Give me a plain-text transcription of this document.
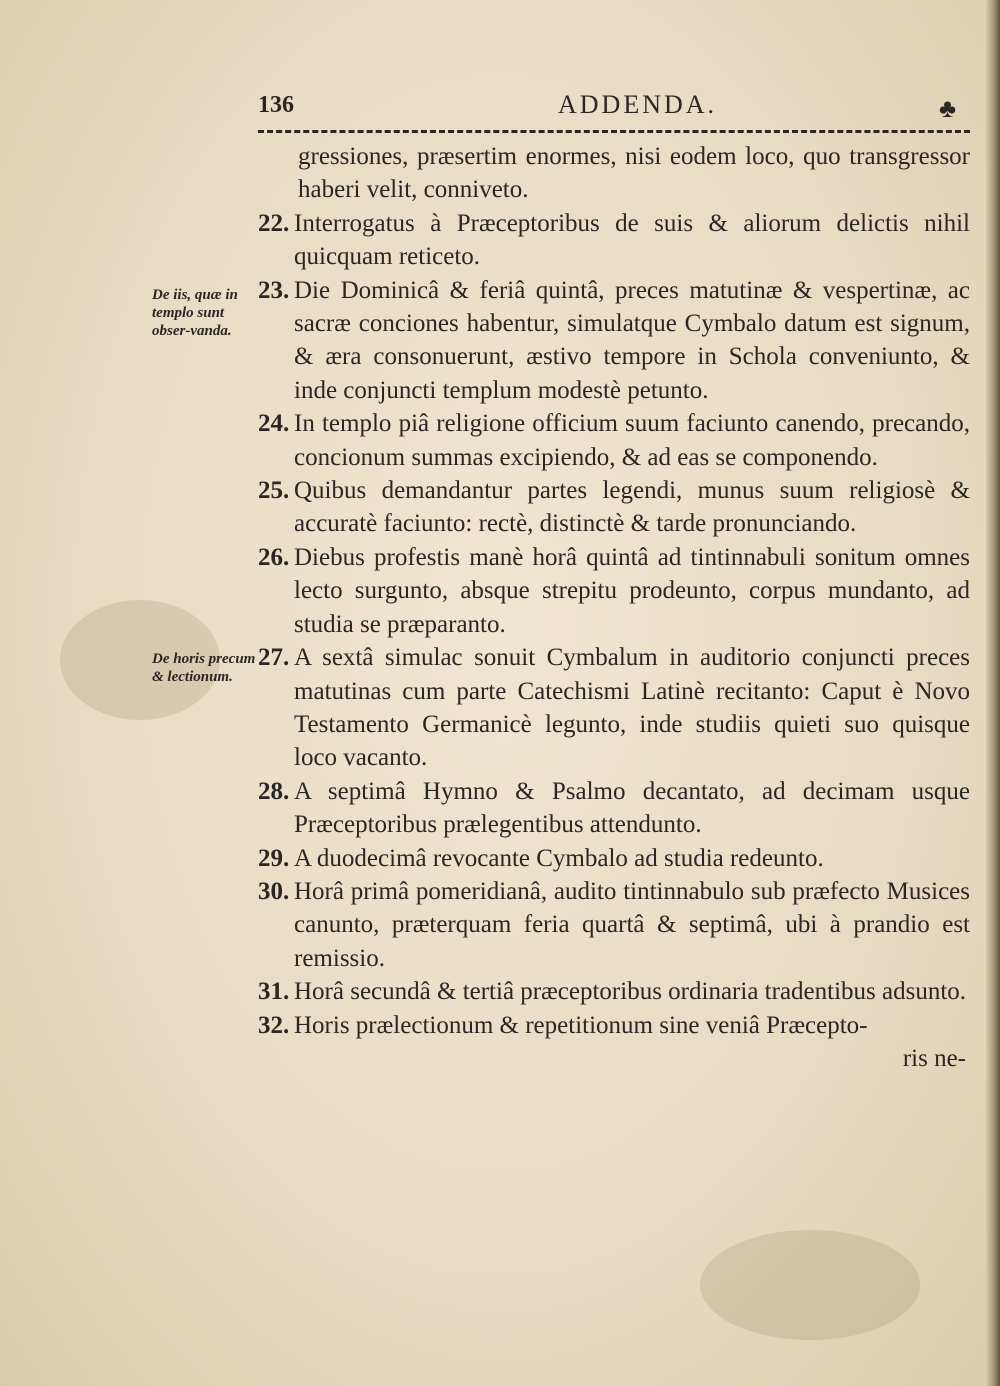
136	ADDENDA.	♣
De iis, quæ in templo sunt obser-vanda.
De horis precum & lectionum.
gressiones, præsertim enormes, nisi eodem loco, quo transgressor haberi velit, conniveto.
22. Interrogatus à Præceptoribus de suis & aliorum delictis nihil quicquam reticeto.
23. Die Dominicâ & feriâ quintâ, preces matutinæ & vespertinæ, ac sacræ conciones habentur, simulatque Cymbalo datum est signum, & æra consonuerunt, æstivo tempore in Schola conveniunto, & inde conjuncti templum modestè petunto.
24. In templo piâ religione officium suum faciunto canendo, precando, concionum summas excipiendo, & ad eas se componendo.
25. Quibus demandantur partes legendi, munus suum religiosè & accuratè faciunto: rectè, distinctè & tarde pronunciando.
26. Diebus profestis manè horâ quintâ ad tintinnabuli sonitum omnes lecto surgunto, absque strepitu prodeunto, corpus mundanto, ad studia se præparanto.
27. A sextâ simulac sonuit Cymbalum in auditorio conjuncti preces matutinas cum parte Catechismi Latinè recitanto: Caput è Novo Testamento Germanicè legunto, inde studiis quieti suo quisque loco vacanto.
28. A septimâ Hymno & Psalmo decantato, ad decimam usque Præceptoribus prælegentibus attendunto.
29. A duodecimâ revocante Cymbalo ad studia redeunto.
30. Horâ primâ pomeridianâ, audito tintinnabulo sub præfecto Musices canunto, præterquam feria quartâ & septimâ, ubi à prandio est remissio.
31. Horâ secundâ & tertiâ præceptoribus ordinaria tradentibus adsunto.
32. Horis prælectionum & repetitionum sine veniâ Præcepto-
ris ne-
